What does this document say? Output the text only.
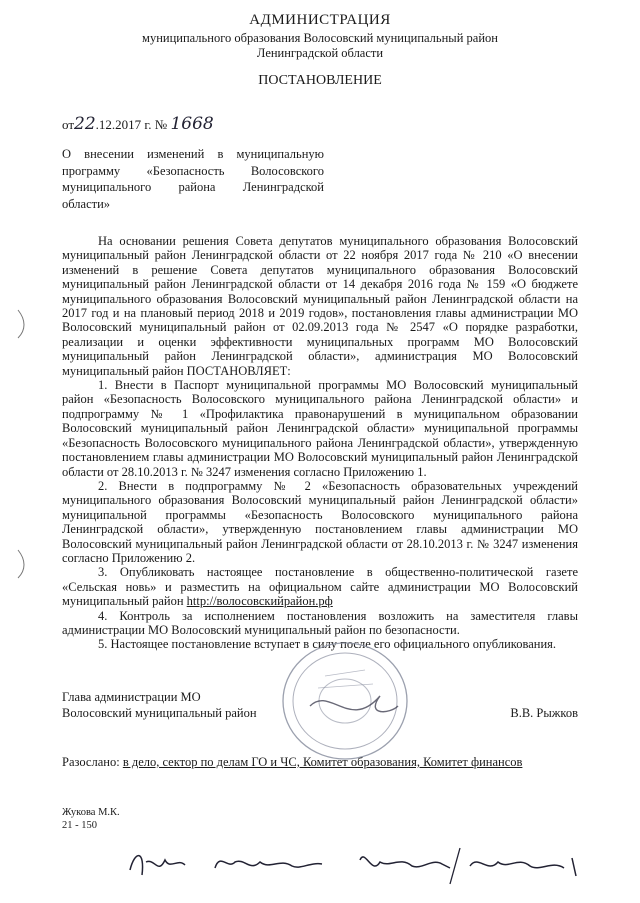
АДМИНИСТРАЦИЯ
муниципального образования Волосовский муниципальный район
Ленинградской области
ПОСТАНОВЛЕНИЕ
от22.12.2017 г. № 1668
О внесении изменений в муниципальную программу «Безопасность Волосовского муниципального района Ленинградской области»

На основании решения Совета депутатов муниципального образования Волосовский муниципальный район Ленинградской области от 22 ноября 2017 года № 210 «О внесении изменений в решение Совета депутатов муниципального образования Волосовский муниципальный район Ленинградской области от 14 декабря 2016 года № 159 «О бюджете муниципального образования Волосовский муниципальный район Ленинградской области на 2017 год и на плановый период 2018 и 2019 годов», постановления главы администрации МО Волосовский муниципальный район от 02.09.2013 года № 2547 «О порядке разработки, реализации и оценки эффективности муниципальных программ МО Волосовский муниципальный район Ленинградской области», администрация МО Волосовский муниципальный район ПОСТАНОВЛЯЕТ:

1. Внести в Паспорт муниципальной программы МО Волосовский муниципальный район «Безопасность Волосовского муниципального района Ленинградской области» и подпрограмму № 1 «Профилактика правонарушений в муниципальном образовании Волосовский муниципальный район Ленинградской области» муниципальной программы «Безопасность Волосовского муниципального района Ленинградской области», утвержденную постановлением главы администрации МО Волосовский муниципальный район Ленинградской области от 28.10.2013 г. № 3247 изменения согласно Приложению 1.

2. Внести в подпрограмму № 2 «Безопасность образовательных учреждений муниципального образования Волосовский муниципальный район Ленинградской области» муниципальной программы «Безопасность Волосовского муниципального района Ленинградской области», утвержденную постановлением главы администрации МО Волосовский муниципальный район Ленинградской области от 28.10.2013 г. № 3247 изменения согласно Приложению 2.

3. Опубликовать настоящее постановление в общественно-политической газете «Сельская новь» и разместить на официальном сайте администрации МО Волосовский муниципальный район http://волосовскийрайон.рф

4. Контроль за исполнением постановления возложить на заместителя главы администрации МО Волосовский муниципальный район по безопасности.

5. Настоящее постановление вступает в силу после его официального опубликования.

Глава администрации МО
Волосовский муниципальный район	В.В. Рыжков
Разослано: в дело, сектор по делам ГО и ЧС, Комитет образования, Комитет финансов
Жукова М.К.
21 - 150
